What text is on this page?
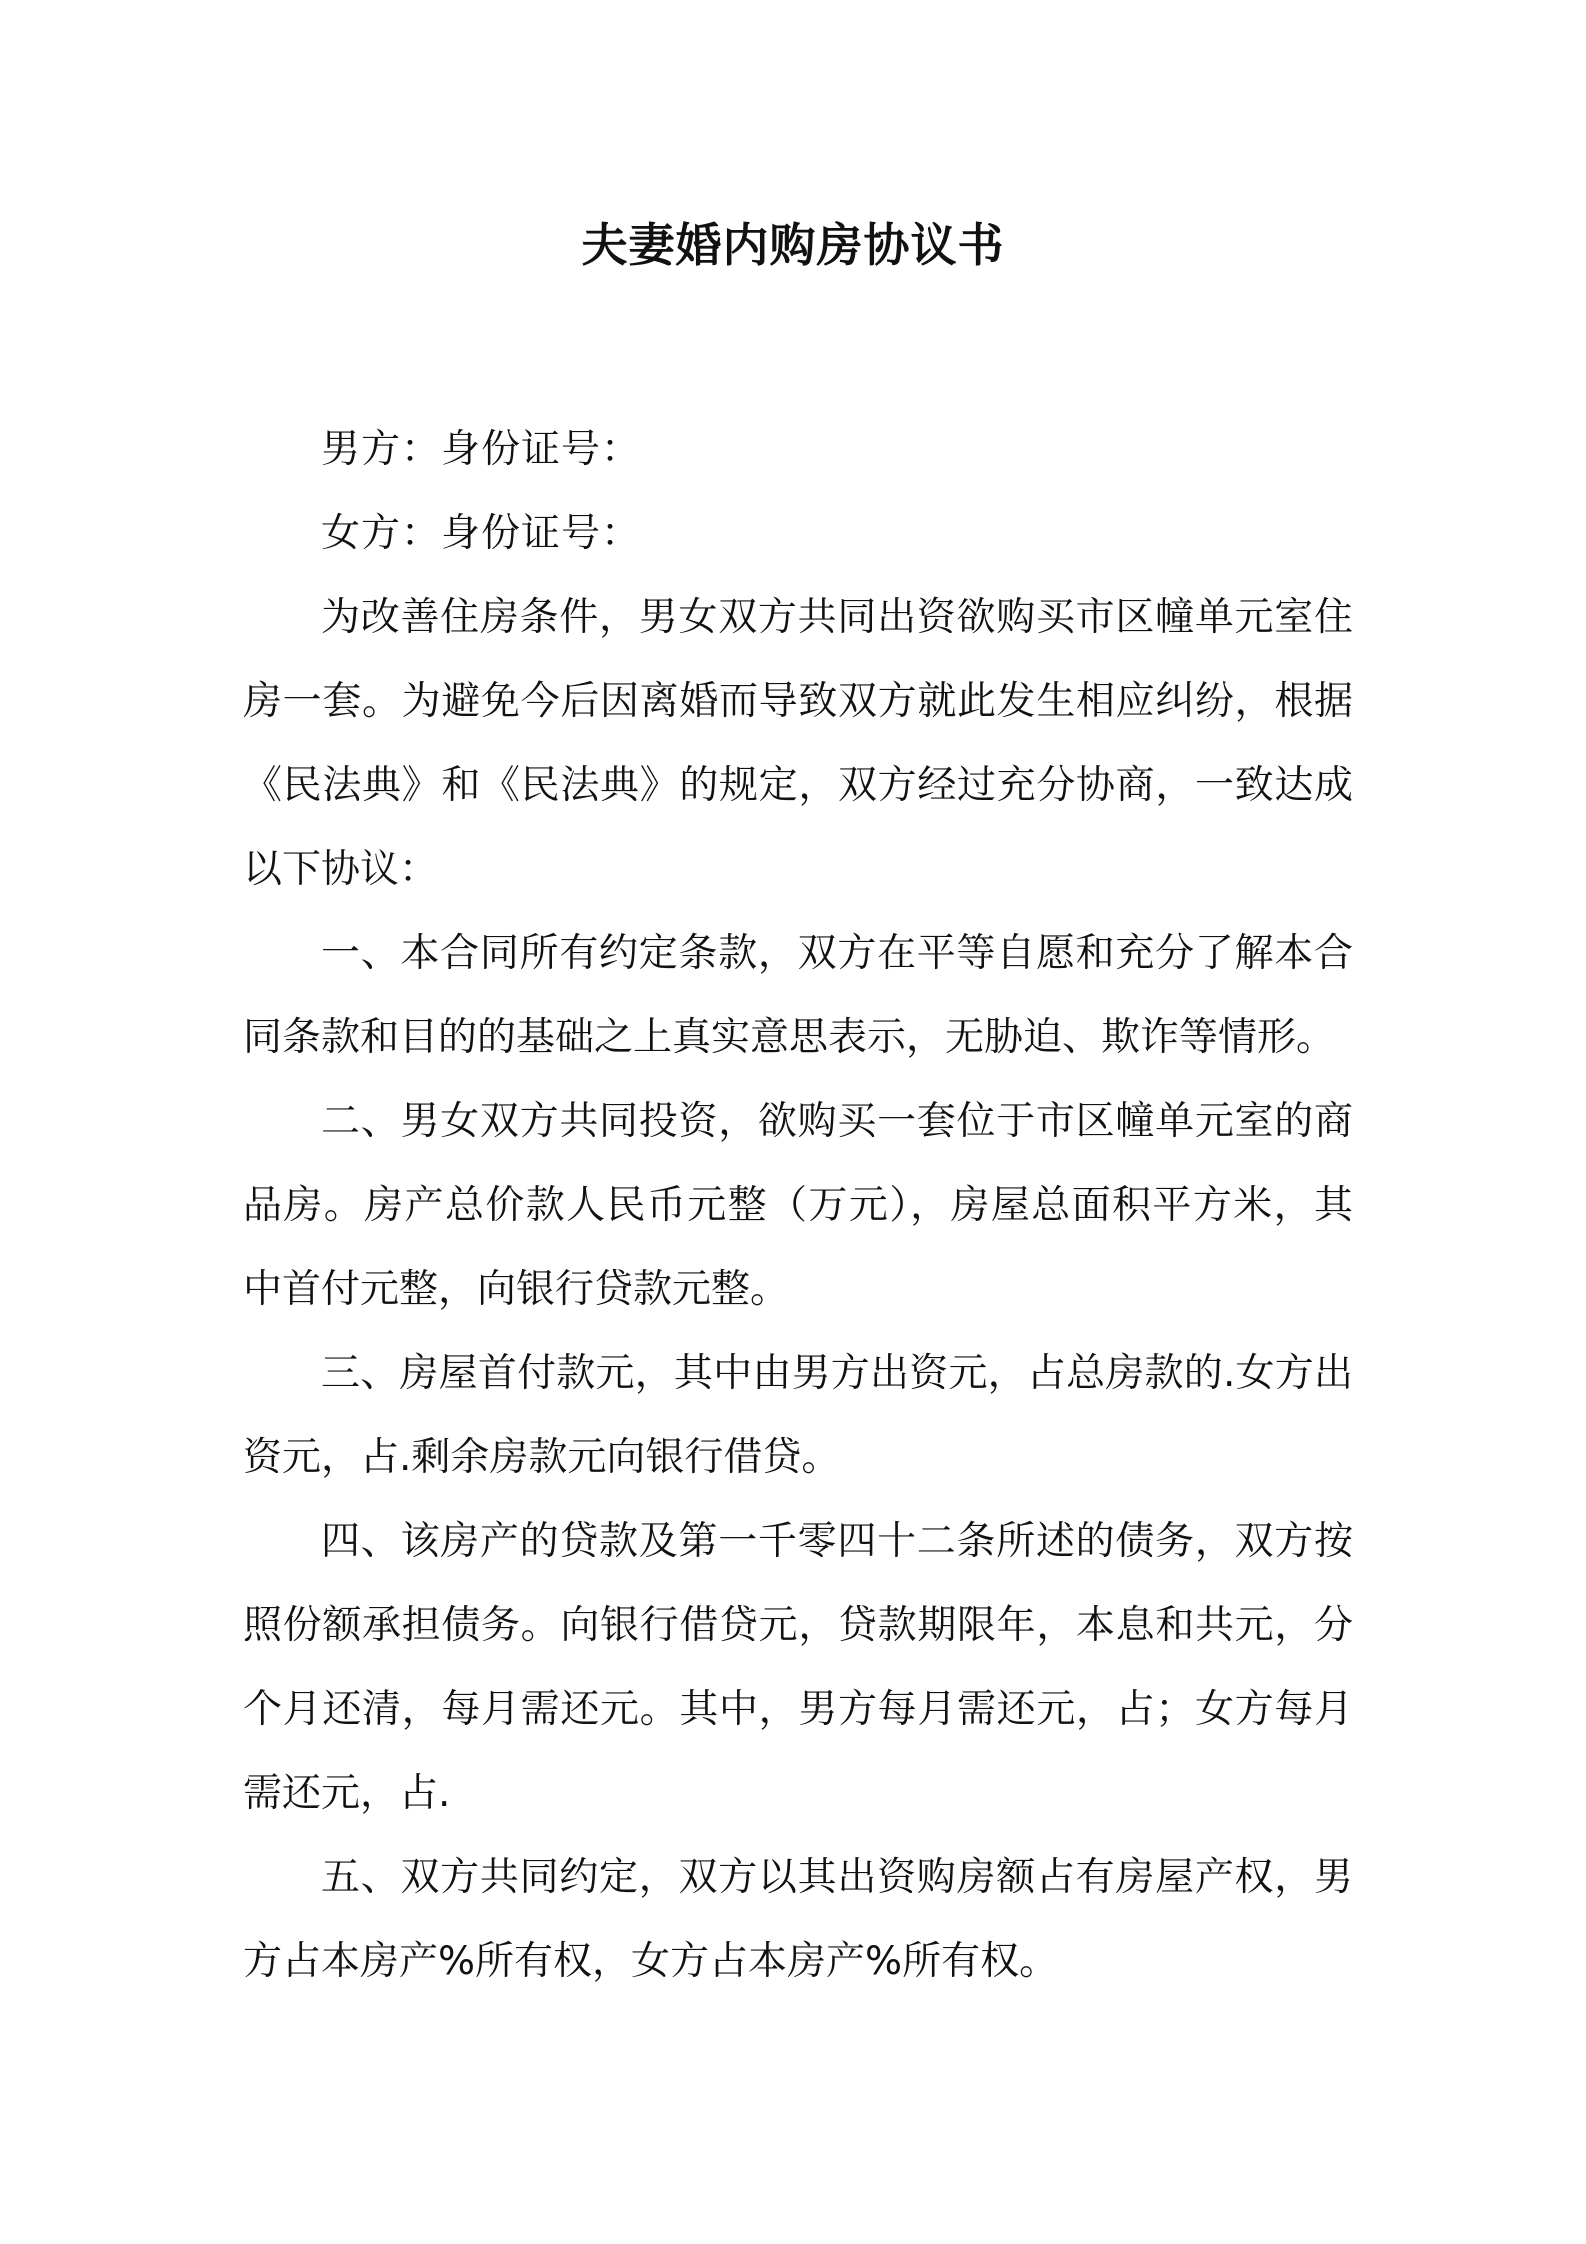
夫妻婚内购房协议书

男方：身份证号：

女方：身份证号：

为改善住房条件，男女双方共同出资欲购买市区幢单元室住房一套。为避免今后因离婚而导致双方就此发生相应纠纷，根据《民法典》和《民法典》的规定，双方经过充分协商，一致达成以下协议：

一、本合同所有约定条款，双方在平等自愿和充分了解本合同条款和目的的基础之上真实意思表示，无胁迫、欺诈等情形。

二、男女双方共同投资，欲购买一套位于市区幢单元室的商品房。房产总价款人民币元整（万元），房屋总面积平方米，其中首付元整，向银行贷款元整。

三、房屋首付款元，其中由男方出资元，占总房款的.女方出资元，占.剩余房款元向银行借贷。

四、该房产的贷款及第一千零四十二条所述的债务，双方按照份额承担债务。向银行借贷元，贷款期限年，本息和共元，分个月还清，每月需还元。其中，男方每月需还元，占；女方每月需还元，占.

五、双方共同约定，双方以其出资购房额占有房屋产权，男方占本房产%所有权，女方占本房产%所有权。
